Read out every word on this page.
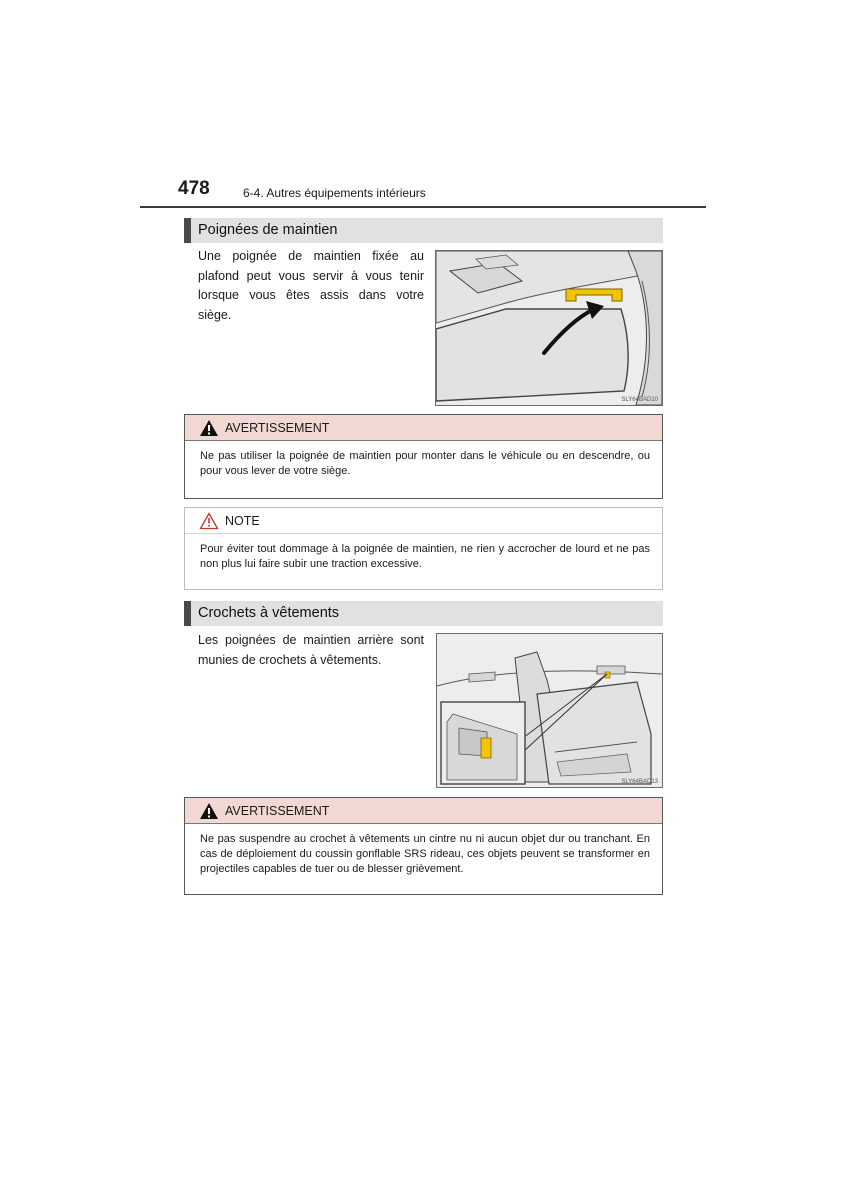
478	6-4. Autres équipements intérieurs
Poignées de maintien

Une poignée de maintien fixée au plafond peut vous servir à vous tenir lorsque vous êtes assis dans votre siège.

SLY64BAD10
AVERTISSEMENT

Ne pas utiliser la poignée de maintien pour monter dans le véhicule ou en descendre, ou pour vous lever de votre siège.

NOTE

Pour éviter tout dommage à la poignée de maintien, ne rien y accrocher de lourd et ne pas non plus lui faire subir une traction excessive.

Crochets à vêtements

Les poignées de maintien arrière sont munies de crochets à vêtements.

SLY64BAD13
AVERTISSEMENT

Ne pas suspendre au crochet à vêtements un cintre nu ni aucun objet dur ou tranchant. En cas de déploiement du coussin gonflable SRS rideau, ces objets peuvent se transformer en projectiles capables de tuer ou de blesser grièvement.
